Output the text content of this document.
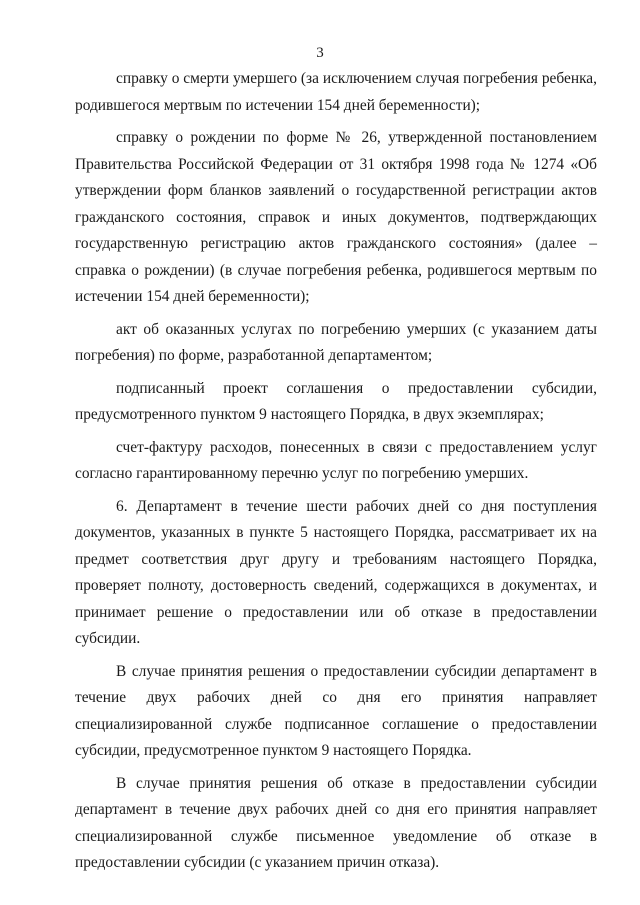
3

справку о смерти умершего (за исключением случая погребения ребенка, родившегося мертвым по истечении 154 дней беременности);

справку о рождении по форме № 26, утвержденной постановлением Правительства Российской Федерации от 31 октября 1998 года № 1274 «Об утверждении форм бланков заявлений о государственной регистрации актов гражданского состояния, справок и иных документов, подтверждающих государственную регистрацию актов гражданского состояния» (далее – справка о рождении) (в случае погребения ребенка, родившегося мертвым по истечении 154 дней беременности);

акт об оказанных услугах по погребению умерших (с указанием даты погребения) по форме, разработанной департаментом;

подписанный проект соглашения о предоставлении субсидии, предусмотренного пунктом 9 настоящего Порядка, в двух экземплярах;

счет-фактуру расходов, понесенных в связи с предоставлением услуг согласно гарантированному перечню услуг по погребению умерших.

6. Департамент в течение шести рабочих дней со дня поступления документов, указанных в пункте 5 настоящего Порядка, рассматривает их на предмет соответствия друг другу и требованиям настоящего Порядка, проверяет полноту, достоверность сведений, содержащихся в документах, и принимает решение о предоставлении или об отказе в предоставлении субсидии.

В случае принятия решения о предоставлении субсидии департамент в течение двух рабочих дней со дня его принятия направляет специализированной службе подписанное соглашение о предоставлении субсидии, предусмотренное пунктом 9 настоящего Порядка.

В случае принятия решения об отказе в предоставлении субсидии департамент в течение двух рабочих дней со дня его принятия направляет специализированной службе письменное уведомление об отказе в предоставлении субсидии (с указанием причин отказа).
